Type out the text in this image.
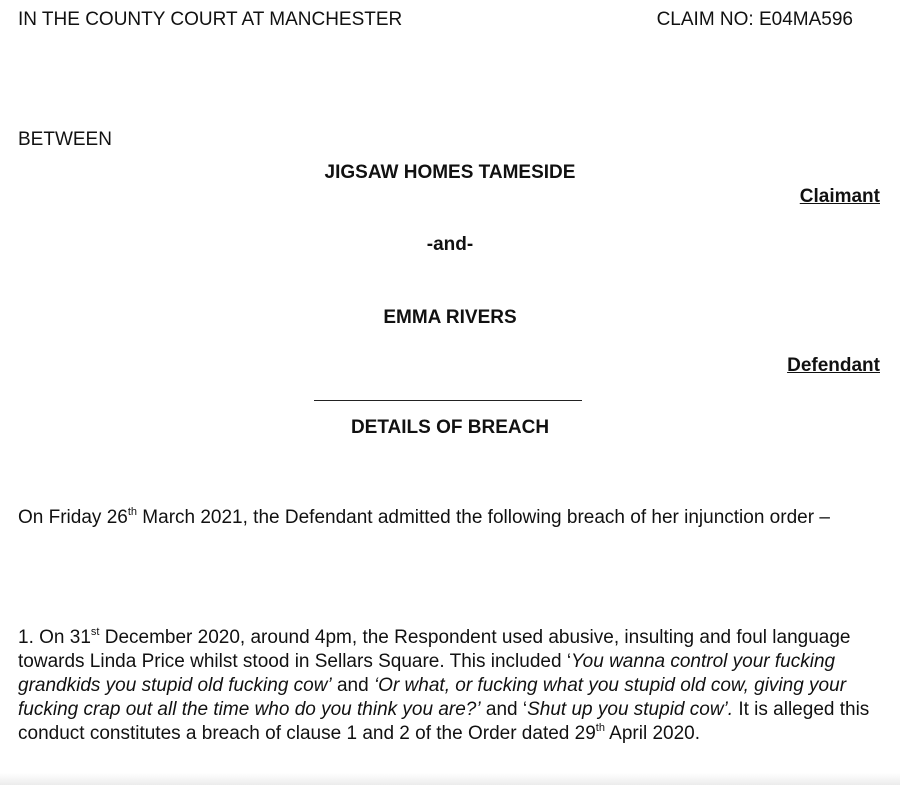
IN THE COUNTY COURT AT MANCHESTER	CLAIM NO: E04MA596
BETWEEN
JIGSAW HOMES TAMESIDE
Claimant
-and-
EMMA RIVERS
Defendant
DETAILS OF BREACH
On Friday 26th March 2021, the Defendant admitted the following breach of her injunction order –
1. On 31st December 2020, around 4pm, the Respondent used abusive, insulting and foul language towards Linda Price whilst stood in Sellars Square. This included ‘You wanna control your fucking grandkids you stupid old fucking cow’ and ‘Or what, or fucking what you stupid old cow, giving your fucking crap out all the time who do you think you are?’ and ‘Shut up you stupid cow’. It is alleged this conduct constitutes a breach of clause 1 and 2 of the Order dated 29th April 2020.
